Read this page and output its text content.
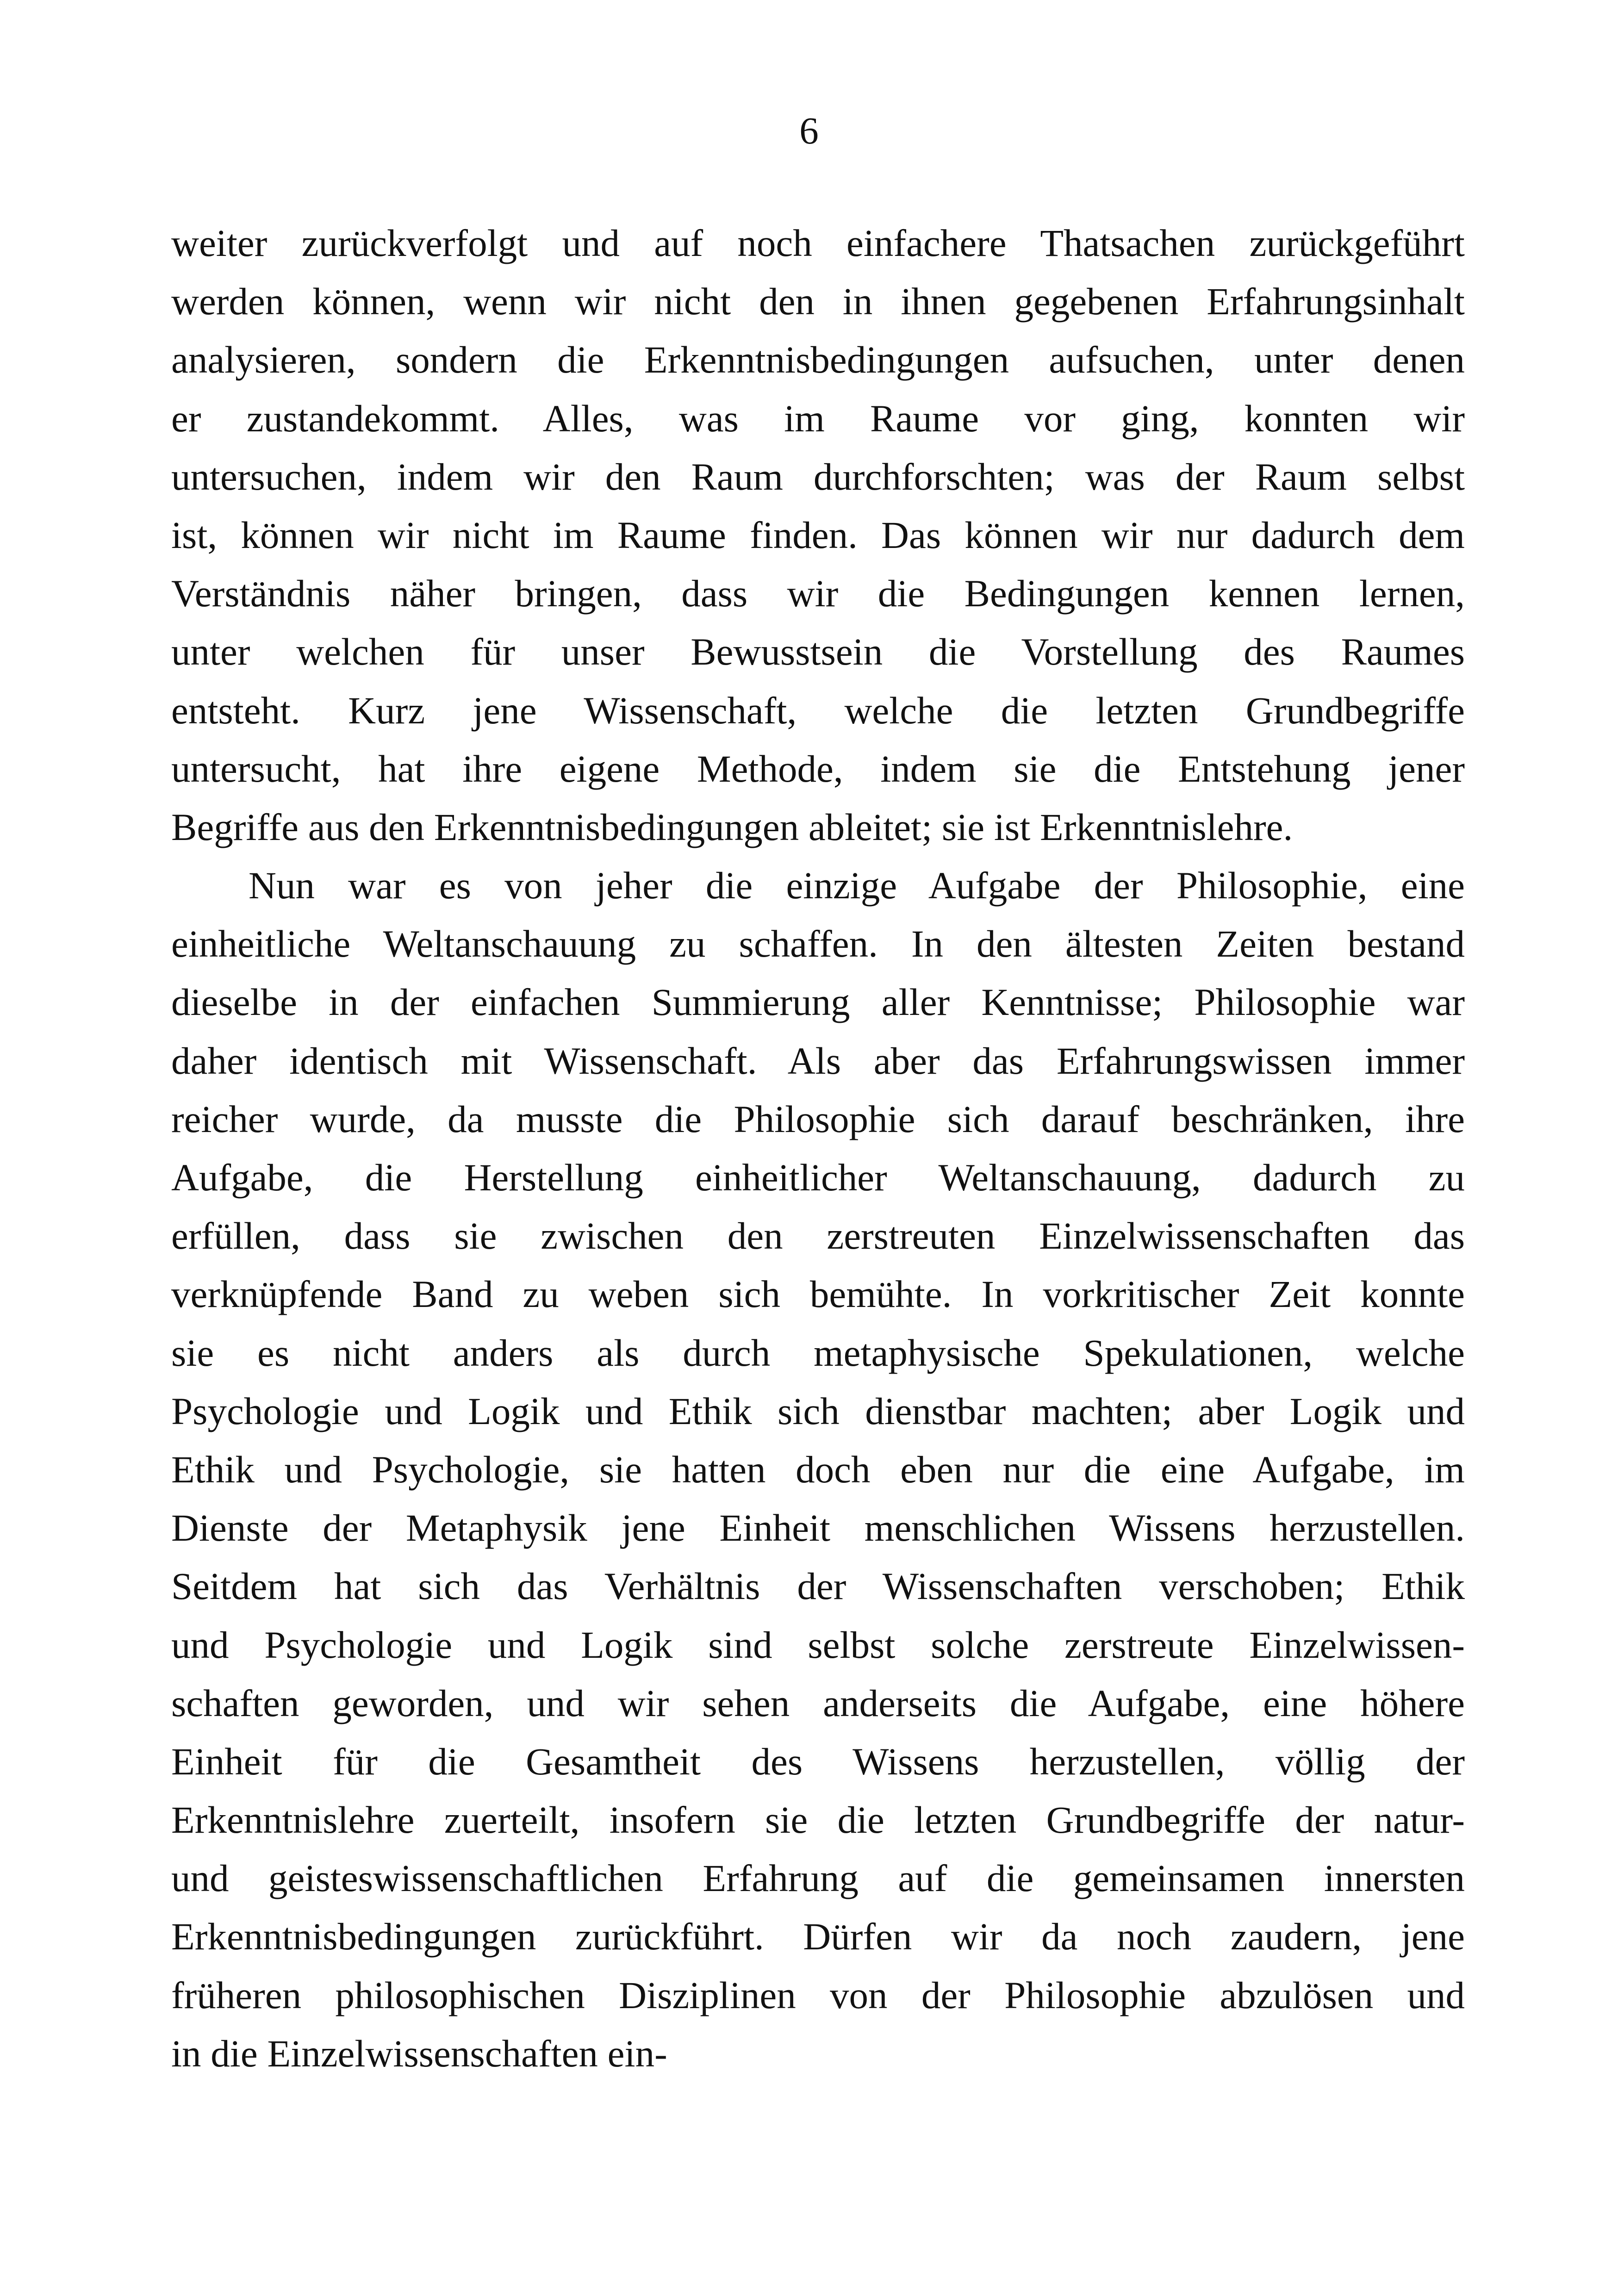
6
weiter zurückverfolgt und auf noch einfachere Thatsachen zurückgeführt
werden können, wenn wir nicht den in ihnen gegebenen Erfahrungsinhalt
analysieren, sondern die Erkenntnisbedingungen aufsuchen, unter denen
er zustandekommt. Alles, was im Raume vor ging, konnten wir
untersuchen, indem wir den Raum durchforschten; was der Raum selbst
ist, können wir nicht im Raume finden. Das können wir nur dadurch dem
Verständnis näher bringen, dass wir die Bedingungen kennen lernen,
unter welchen für unser Bewusstsein die Vorstellung des Raumes
entsteht. Kurz jene Wissenschaft, welche die letzten Grundbegriffe
untersucht, hat ihre eigene Methode, indem sie die Entstehung jener
Begriffe aus den Erkenntnisbedingungen ableitet; sie ist Erkenntnislehre.
Nun war es von jeher die einzige Aufgabe der Philosophie, eine
einheitliche Weltanschauung zu schaffen. In den ältesten Zeiten bestand
dieselbe in der einfachen Summierung aller Kenntnisse; Philosophie war
daher identisch mit Wissenschaft. Als aber das Erfahrungswissen immer
reicher wurde, da musste die Philosophie sich darauf beschränken, ihre
Aufgabe, die Herstellung einheitlicher Weltanschauung, dadurch zu
erfüllen, dass sie zwischen den zerstreuten Einzelwissenschaften das
verknüpfende Band zu weben sich bemühte. In vorkritischer Zeit konnte
sie es nicht anders als durch metaphysische Spekulationen, welche
Psychologie und Logik und Ethik sich dienstbar machten; aber Logik und
Ethik und Psychologie, sie hatten doch eben nur die eine Aufgabe, im
Dienste der Metaphysik jene Einheit menschlichen Wissens herzustellen.
Seitdem hat sich das Verhältnis der Wissenschaften verschoben; Ethik
und Psychologie und Logik sind selbst solche zerstreute Einzelwissen-
schaften geworden, und wir sehen anderseits die Aufgabe, eine höhere
Einheit für die Gesamtheit des Wissens herzustellen, völlig der
Erkenntnislehre zuerteilt, insofern sie die letzten Grundbegriffe der natur-
und geisteswissenschaftlichen Erfahrung auf die gemeinsamen innersten
Erkenntnisbedingungen zurückführt. Dürfen wir da noch zaudern, jene
früheren philosophischen Disziplinen von der Philosophie abzulösen und
in die Einzelwissenschaften ein-
